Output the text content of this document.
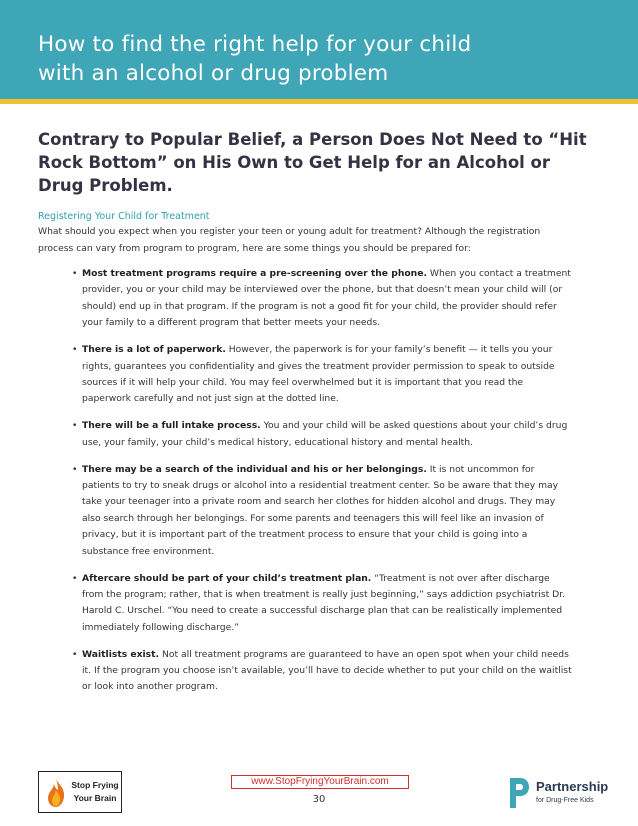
How to find the right help for your child
with an alcohol or drug problem
Contrary to Popular Belief, a Person Does Not Need to “Hit
Rock Bottom” on His Own to Get Help for an Alcohol or
Drug Problem.

Registering Your Child for Treatment

What should you expect when you register your teen or young adult for treatment? Although the registration
process can vary from program to program, here are some things you should be prepared for:

• Most treatment programs require a pre-screening over the phone. When you contact a treatment provider, you or your child may be interviewed over the phone, but that doesn’t mean your child will (or should) end up in that program. If the program is not a good fit for your child, the provider should refer your family to a different program that better meets your needs.
• There is a lot of paperwork. However, the paperwork is for your family’s benefit — it tells you your rights, guarantees you confidentiality and gives the treatment provider permission to speak to outside sources if it will help your child. You may feel overwhelmed but it is important that you read the paperwork carefully and not just sign at the dotted line.
• There will be a full intake process. You and your child will be asked questions about your child’s drug use, your family, your child’s medical history, educational history and mental health.
• There may be a search of the individual and his or her belongings. It is not uncommon for patients to try to sneak drugs or alcohol into a residential treatment center. So be aware that they may take your teenager into a private room and search her clothes for hidden alcohol and drugs. They may also search through her belongings. For some parents and teenagers this will feel like an invasion of privacy, but it is important part of the treatment process to ensure that your child is going into a substance free environment.
• Aftercare should be part of your child’s treatment plan. “Treatment is not over after discharge from the program; rather, that is when treatment is really just beginning,” says addiction psychiatrist Dr. Harold C. Urschel. “You need to create a successful discharge plan that can be realistically implemented immediately following discharge.”
• Waitlists exist. Not all treatment programs are guaranteed to have an open spot when your child needs it. If the program you choose isn’t available, you’ll have to decide whether to put your child on the waitlist or look into another program.
Stop Frying
Your Brain
www.StopFryingYourBrain.com
30
Partnership
for Drug-Free Kids
